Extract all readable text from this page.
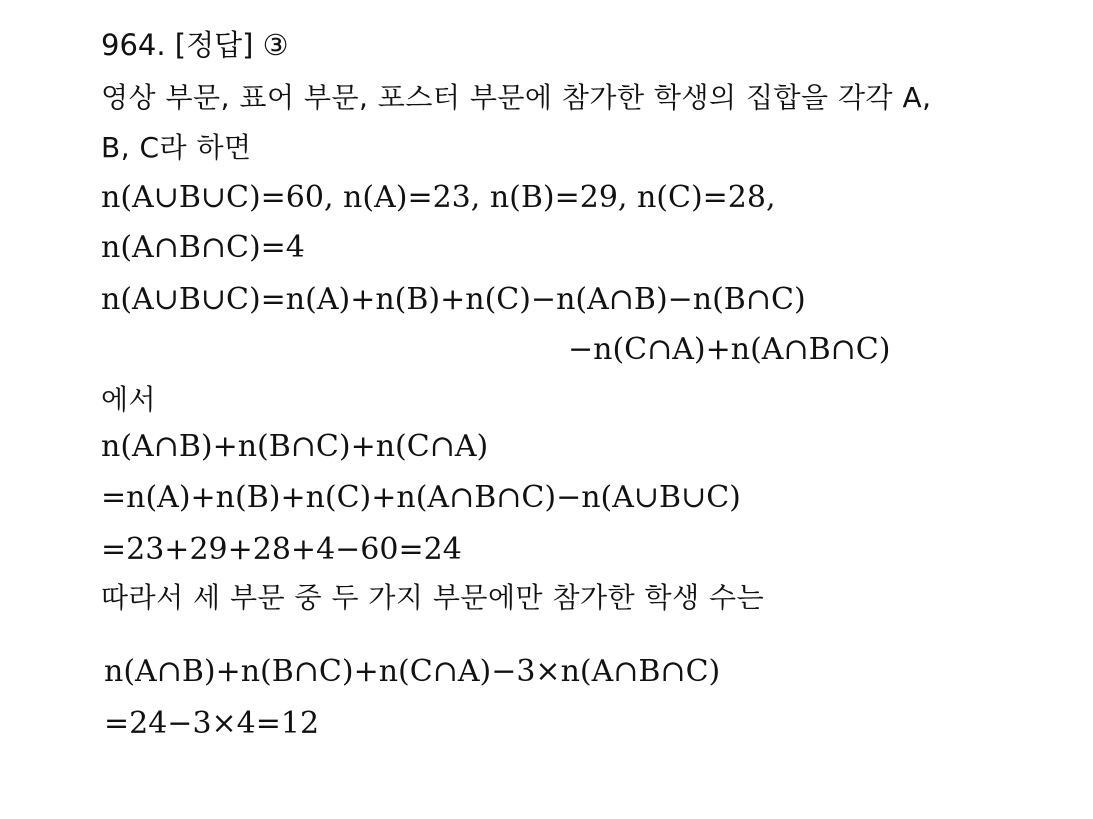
964. [정답] ③
영상 부문, 표어 부문, 포스터 부문에 참가한 학생의 집합을 각각 A,
B, C라 하면
n(A∪B∪C)=60, n(A)=23, n(B)=29, n(C)=28,
n(A∩B∩C)=4
n(A∪B∪C)=n(A)+n(B)+n(C)−n(A∩B)−n(B∩C)
−n(C∩A)+n(A∩B∩C)
에서
n(A∩B)+n(B∩C)+n(C∩A)
=n(A)+n(B)+n(C)+n(A∩B∩C)−n(A∪B∪C)
=23+29+28+4−60=24
따라서 세 부문 중 두 가지 부문에만 참가한 학생 수는
n(A∩B)+n(B∩C)+n(C∩A)−3×n(A∩B∩C)
=24−3×4=12
